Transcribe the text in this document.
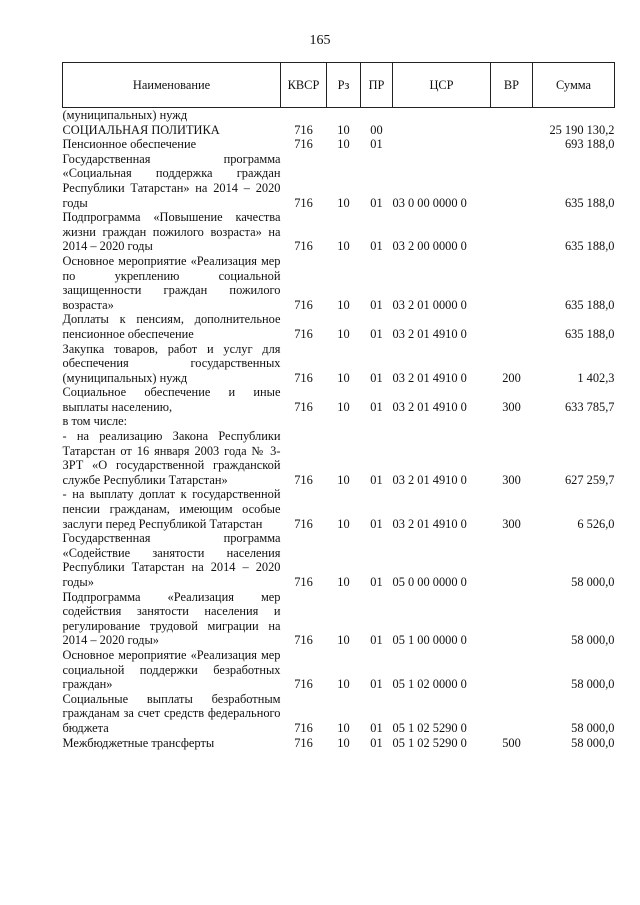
165
Наименование	КВСР	Рз	ПР	ЦСР	ВР	Сумма
(муниципальных) нужд						
СОЦИАЛЬНАЯ ПОЛИТИКА	716	10	00			25 190 130,2
Пенсионное обеспечение	716	10	01			693 188,0
Государственная программа «Социальная поддержка граждан Республики Татарстан» на 2014 – 2020 годы	716	10	01	03 0 00 0000 0		635 188,0
Подпрограмма «Повышение качества жизни граждан пожилого возраста» на 2014 – 2020 годы	716	10	01	03 2 00 0000 0		635 188,0
Основное мероприятие «Реализация мер по укреплению социальной защищенности граждан пожилого возраста»	716	10	01	03 2 01 0000 0		635 188,0
Доплаты к пенсиям, дополнительное пенсионное обеспечение	716	10	01	03 2 01 4910 0		635 188,0
Закупка товаров, работ и услуг для обеспечения государственных (муниципальных) нужд	716	10	01	03 2 01 4910 0	200	1 402,3
Социальное обеспечение и иные выплаты населению,	716	10	01	03 2 01 4910 0	300	633 785,7
в том числе:						
- на реализацию Закона Республики Татарстан от 16 января 2003 года № 3-ЗРТ «О государственной гражданской службе Республики Татарстан»	716	10	01	03 2 01 4910 0	300	627 259,7
- на выплату доплат к государственной пенсии гражданам, имеющим особые заслуги перед Республикой Татарстан	716	10	01	03 2 01 4910 0	300	6 526,0
Государственная программа «Содействие занятости населения Республики Татарстан на 2014 – 2020 годы»	716	10	01	05 0 00 0000 0		58 000,0
Подпрограмма «Реализация мер содействия занятости населения и регулирование трудовой миграции на 2014 – 2020 годы»	716	10	01	05 1 00 0000 0		58 000,0
Основное мероприятие «Реализация мер социальной поддержки безработных граждан»	716	10	01	05 1 02 0000 0		58 000,0
Социальные выплаты безработным гражданам за счет средств федерального бюджета	716	10	01	05 1 02 5290 0		58 000,0
Межбюджетные трансферты	716	10	01	05 1 02 5290 0	500	58 000,0
